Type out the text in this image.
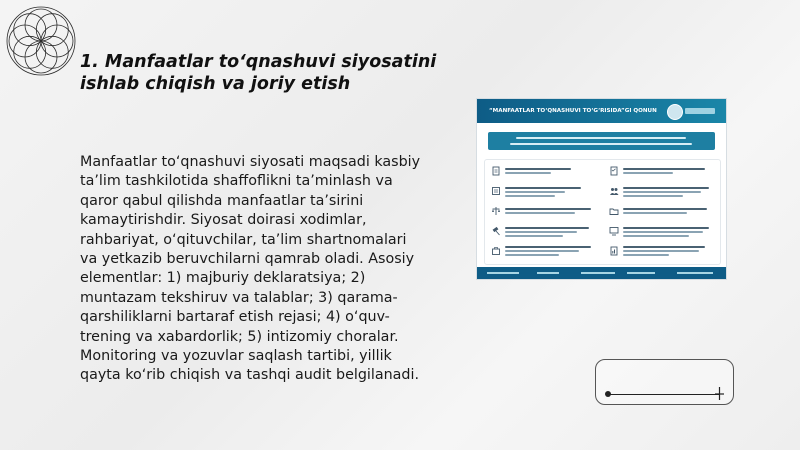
1. Manfaatlar to‘qnashuvi siyosatini
ishlab chiqish va joriy etish
Manfaatlar to‘qnashuvi siyosati maqsadi kasbiy ta’lim tashkilotida shaffoflikni ta’minlash va qaror qabul qilishda manfaatlar ta’sirini kamaytirishdir. Siyosat doirasi xodimlar, rahbariyat, o‘qituvchilar, ta’lim shartnomalari va yetkazib beruvchilarni qamrab oladi. Asosiy elementlar: 1) majburiy deklaratsiya; 2) muntazam tekshiruv va talablar; 3) qarama-qarshiliklarni bartaraf etish rejasi; 4) o‘quv-trening va xabardorlik; 5) intizomiy choralar. Monitoring va yozuvlar saqlash tartibi, yillik qayta ko‘rib chiqish va tashqi audit belgilanadi.
“MANFAATLAR TO‘QNASHUVI TO‘G‘RISIDA”GI QONUN
